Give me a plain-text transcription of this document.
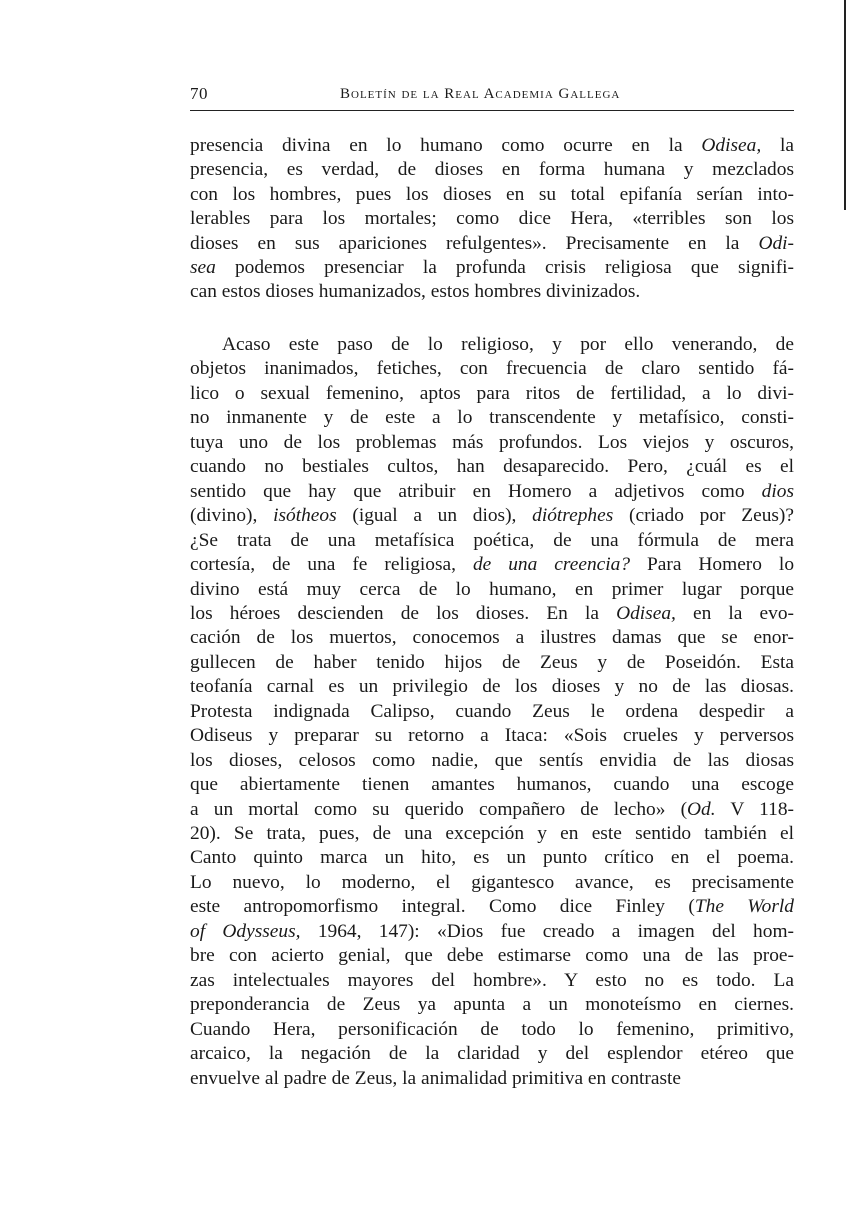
70	Boletín de la Real Academia Gallega
presencia divina en lo humano como ocurre en la Odisea, la
presencia, es verdad, de dioses en forma humana y mezclados
con los hombres, pues los dioses en su total epifanía serían into-
lerables para los mortales; como dice Hera, «terribles son los
dioses en sus apariciones refulgentes». Precisamente en la Odi-
sea podemos presenciar la profunda crisis religiosa que signifi-
can estos dioses humanizados, estos hombres divinizados.
Acaso este paso de lo religioso, y por ello venerando, de
objetos inanimados, fetiches, con frecuencia de claro sentido fá-
lico o sexual femenino, aptos para ritos de fertilidad, a lo divi-
no inmanente y de este a lo transcendente y metafísico, consti-
tuya uno de los problemas más profundos. Los viejos y oscuros,
cuando no bestiales cultos, han desaparecido. Pero, ¿cuál es el
sentido que hay que atribuir en Homero a adjetivos como dios
(divino), isótheos (igual a un dios), diótrephes (criado por Zeus)?
¿Se trata de una metafísica poética, de una fórmula de mera
cortesía, de una fe religiosa, de una creencia? Para Homero lo
divino está muy cerca de lo humano, en primer lugar porque
los héroes descienden de los dioses. En la Odisea, en la evo-
cación de los muertos, conocemos a ilustres damas que se enor-
gullecen de haber tenido hijos de Zeus y de Poseidón. Esta
teofanía carnal es un privilegio de los dioses y no de las diosas.
Protesta indignada Calipso, cuando Zeus le ordena despedir a
Odiseus y preparar su retorno a Itaca: «Sois crueles y perversos
los dioses, celosos como nadie, que sentís envidia de las diosas
que abiertamente tienen amantes humanos, cuando una escoge
a un mortal como su querido compañero de lecho» (Od. V 118-
20). Se trata, pues, de una excepción y en este sentido también el
Canto quinto marca un hito, es un punto crítico en el poema.
Lo nuevo, lo moderno, el gigantesco avance, es precisamente
este antropomorfismo integral. Como dice Finley (The World
of Odysseus, 1964, 147): «Dios fue creado a imagen del hom-
bre con acierto genial, que debe estimarse como una de las proe-
zas intelectuales mayores del hombre». Y esto no es todo. La
preponderancia de Zeus ya apunta a un monoteísmo en ciernes.
Cuando Hera, personificación de todo lo femenino, primitivo,
arcaico, la negación de la claridad y del esplendor etéreo que
envuelve al padre de Zeus, la animalidad primitiva en contraste
